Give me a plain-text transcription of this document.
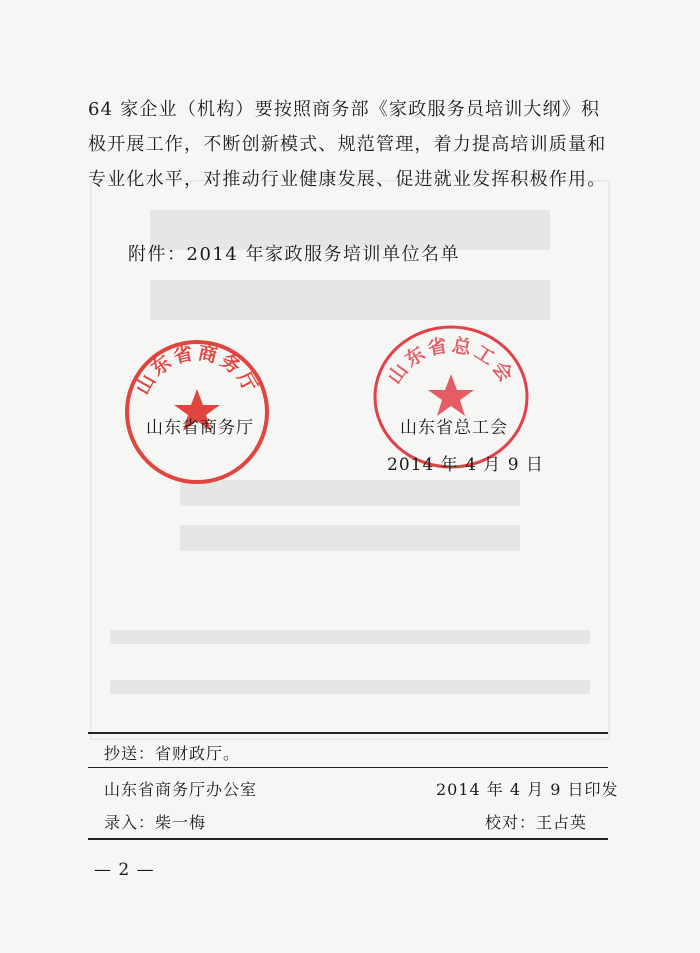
64 家企业（机构）要按照商务部《家政服务员培训大纲》积

极开展工作，不断创新模式、规范管理，着力提高培训质量和

专业化水平，对推动行业健康发展、促进就业发挥积极作用。

附件：2014 年家政服务培训单位名单
山东省商务厅	山东省总工会
山东省商务厅	山东省总工会
2014 年 4 月 9 日
抄送：省财政厅。
山东省商务厅办公室	2014 年 4 月 9 日印发
录入：柴一梅	校对：王占英
— 2 —
